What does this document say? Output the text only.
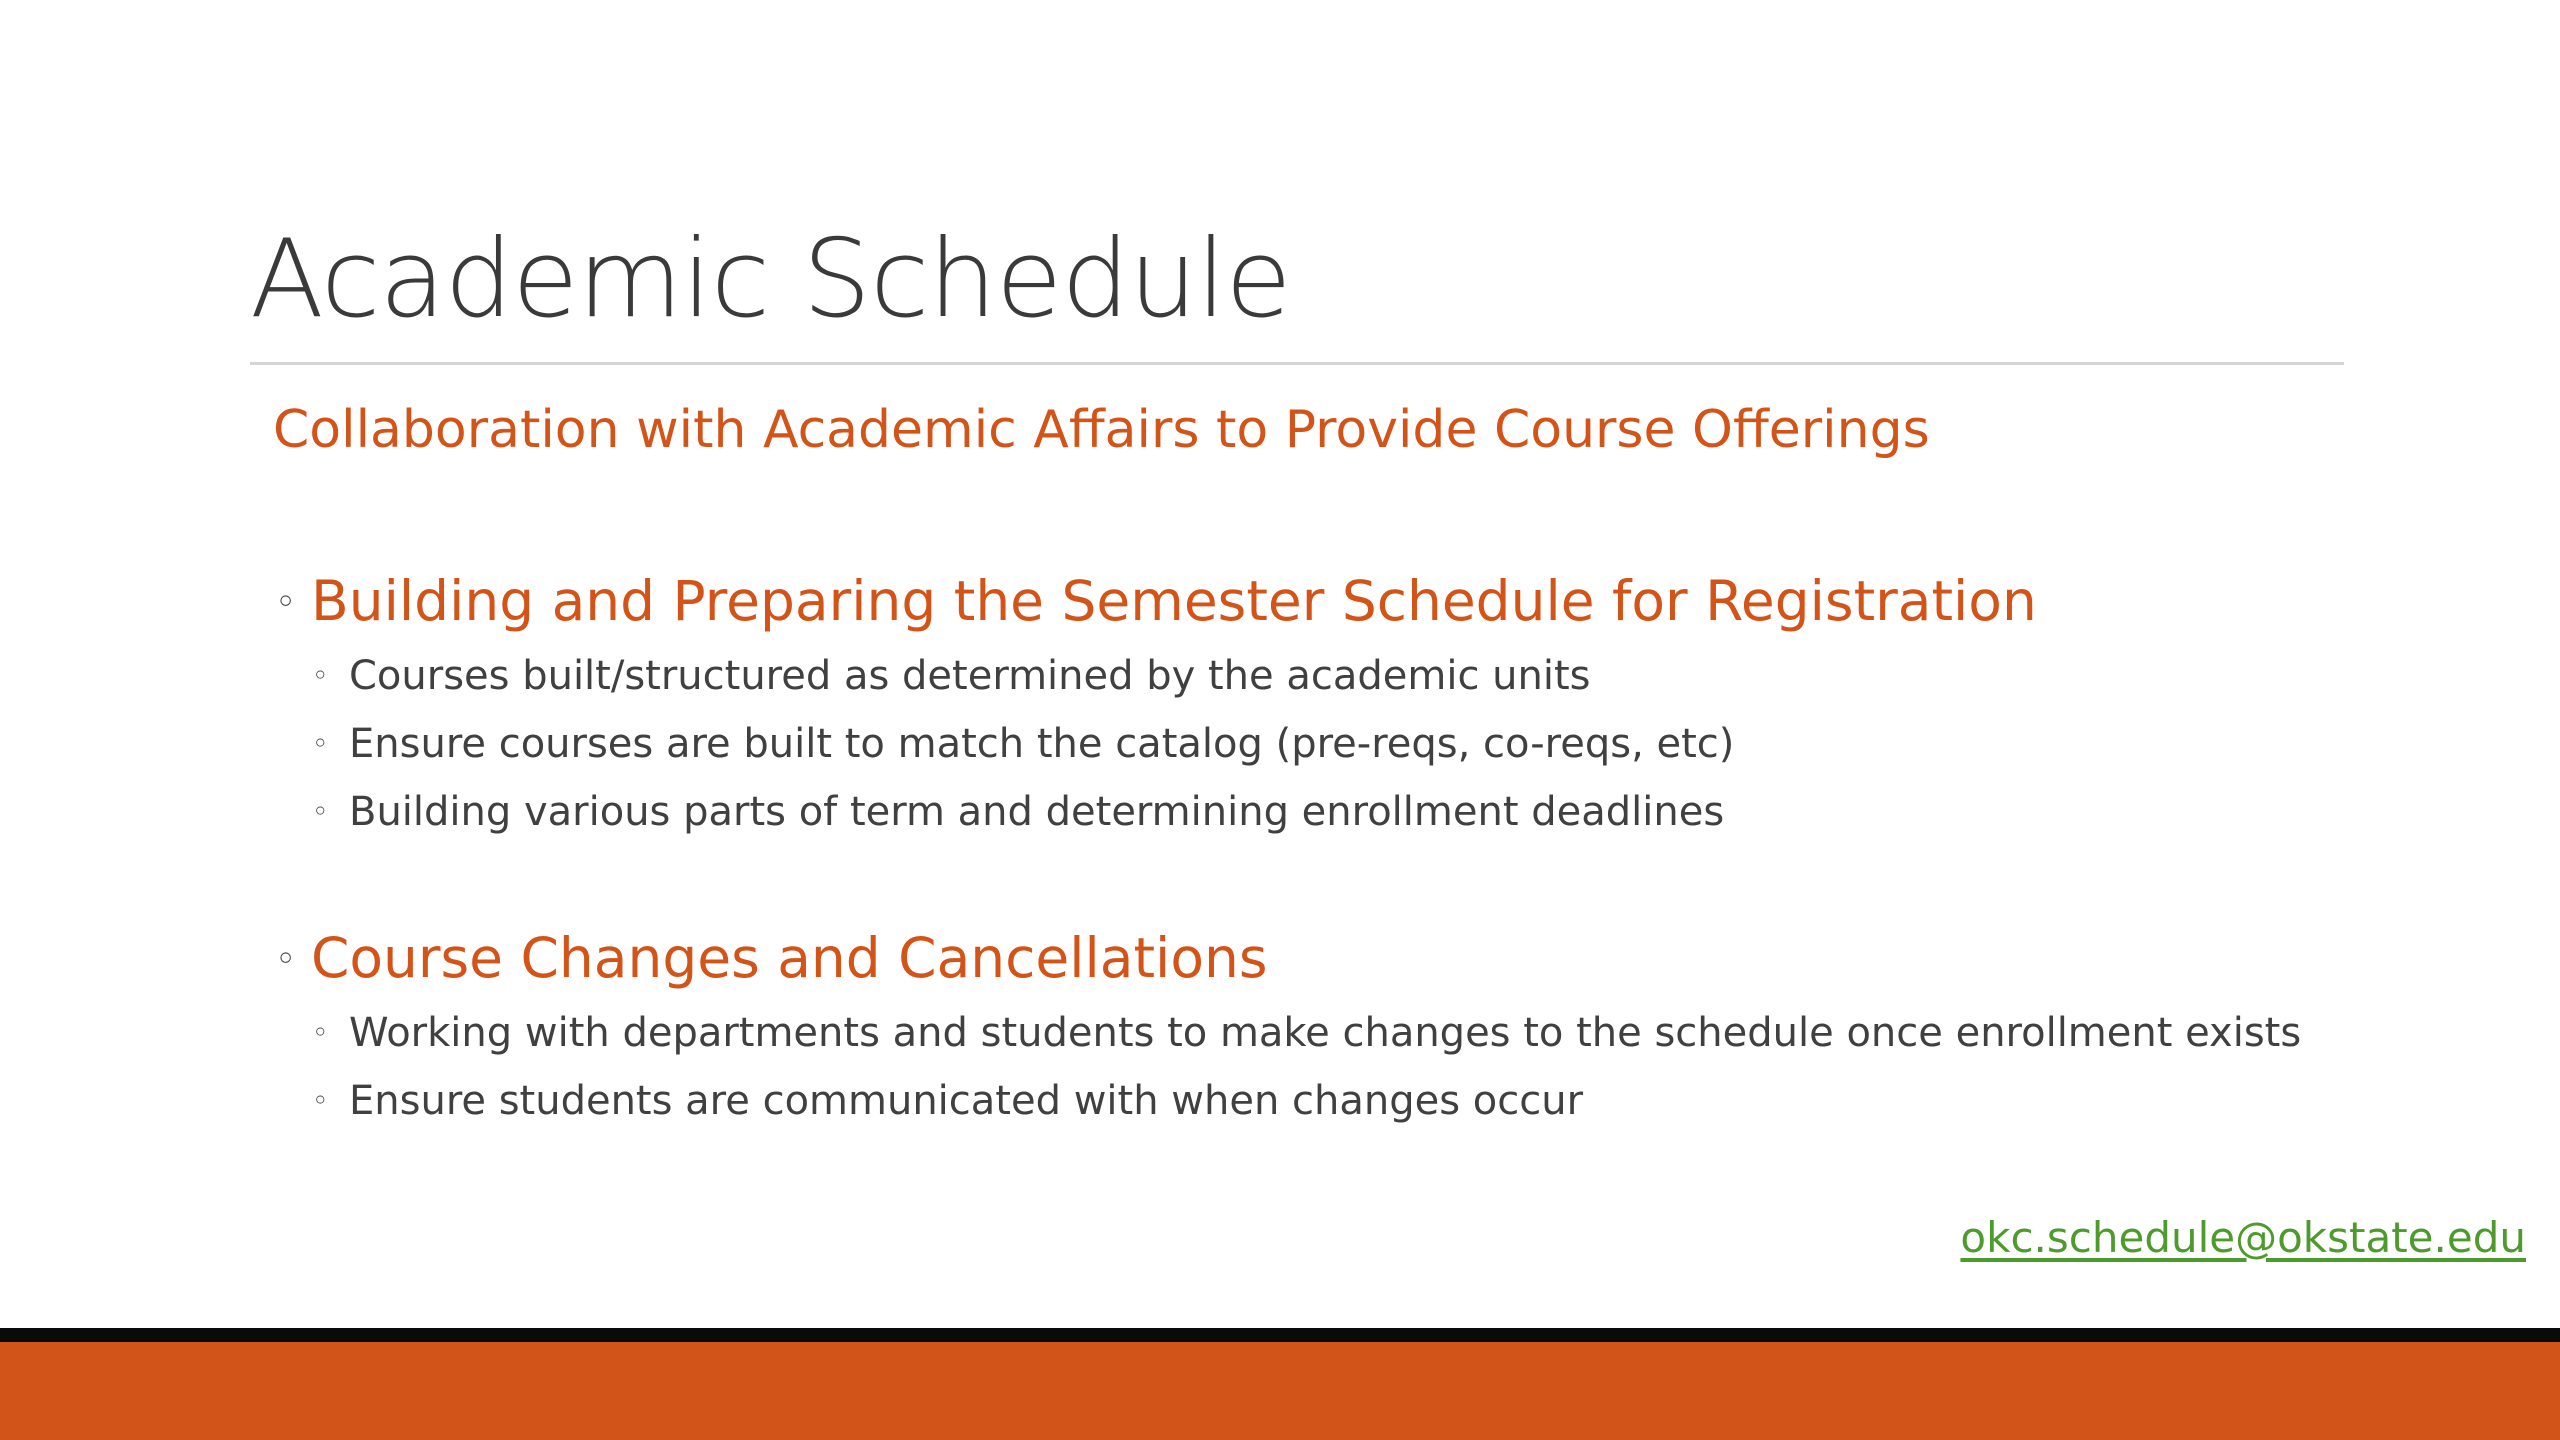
Academic Schedule
Collaboration with Academic Affairs to Provide Course Offerings
◦ Building and Preparing the Semester Schedule for Registration
◦ Courses built/structured as determined by the academic units
◦ Ensure courses are built to match the catalog (pre-reqs, co-reqs, etc)
◦ Building various parts of term and determining enrollment deadlines
◦ Course Changes and Cancellations
◦ Working with departments and students to make changes to the schedule once enrollment exists
◦ Ensure students are communicated with when changes occur
okc.schedule@okstate.edu
